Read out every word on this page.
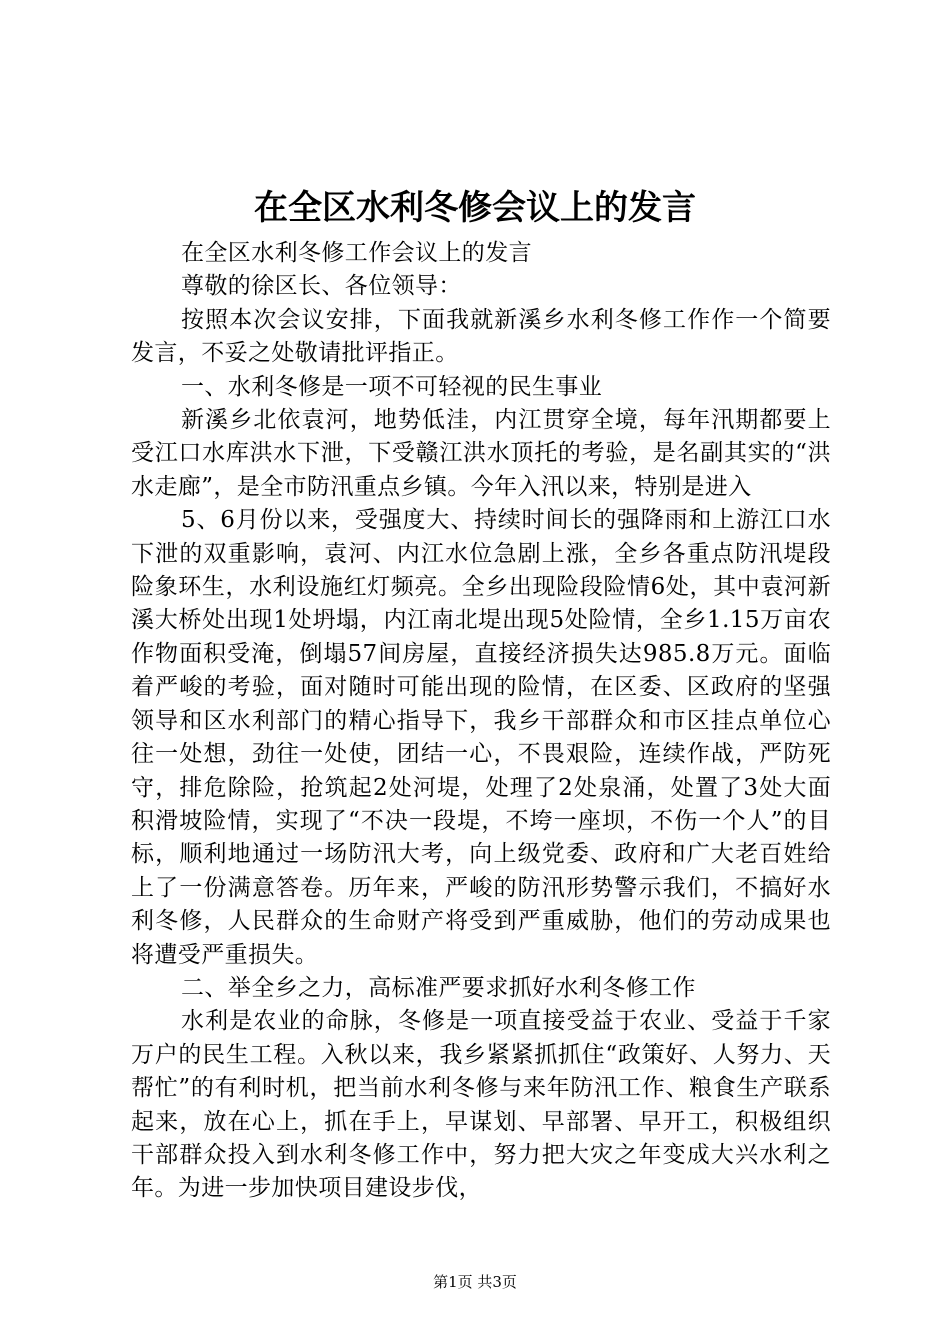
在全区水利冬修会议上的发言

在全区水利冬修工作会议上的发言

尊敬的徐区长、各位领导：

按照本次会议安排，下面我就新溪乡水利冬修工作作一个简要发言，不妥之处敬请批评指正。

一、水利冬修是一项不可轻视的民生事业

新溪乡北依袁河，地势低洼，内江贯穿全境，每年汛期都要上受江口水库洪水下泄，下受赣江洪水顶托的考验，是名副其实的“洪水走廊”，是全市防汛重点乡镇。今年入汛以来，特别是进入

5、6月份以来，受强度大、持续时间长的强降雨和上游江口水下泄的双重影响，袁河、内江水位急剧上涨，全乡各重点防汛堤段险象环生，水利设施红灯频亮。全乡出现险段险情6处，其中袁河新溪大桥处出现1处坍塌，内江南北堤出现5处险情，全乡1.15万亩农作物面积受淹，倒塌57间房屋，直接经济损失达985.8万元。面临着严峻的考验，面对随时可能出现的险情，在区委、区政府的坚强领导和区水利部门的精心指导下，我乡干部群众和市区挂点单位心往一处想，劲往一处使，团结一心，不畏艰险，连续作战，严防死守，排危除险，抢筑起2处河堤，处理了2处泉涌，处置了3处大面积滑坡险情，实现了“不决一段堤，不垮一座坝，不伤一个人”的目标，顺利地通过一场防汛大考，向上级党委、政府和广大老百姓给上了一份满意答卷。历年来，严峻的防汛形势警示我们，不搞好水利冬修，人民群众的生命财产将受到严重威胁，他们的劳动成果也将遭受严重损失。

二、举全乡之力，高标准严要求抓好水利冬修工作

水利是农业的命脉，冬修是一项直接受益于农业、受益于千家万户的民生工程。入秋以来，我乡紧紧抓抓住“政策好、人努力、天帮忙”的有利时机，把当前水利冬修与来年防汛工作、粮食生产联系起来，放在心上，抓在手上，早谋划、早部署、早开工，积极组织干部群众投入到水利冬修工作中，努力把大灾之年变成大兴水利之年。为进一步加快项目建设步伐，

第1页 共3页
